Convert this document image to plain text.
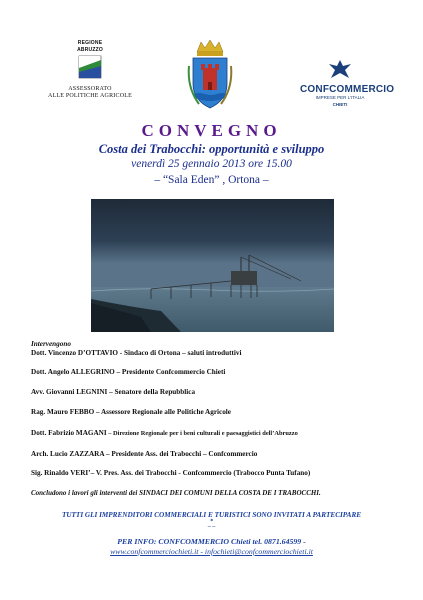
REGIONE
ABRUZZO
ASSESSORATO
ALLE POLITICHE AGRICOLE
CONFCOMMERCIO
IMPRESE PER L'ITALIA
CHIETI
CONVEGNO
Costa dei Trabocchi: opportunità e sviluppo
venerdì 25 gennaio 2013 ore 15.00
– “Sala Eden” , Ortona –
Intervengono
Dott. Vincenzo D’OTTAVIO - Sindaco di Ortona – saluti introduttivi
Dott. Angelo ALLEGRINO – Presidente Confcommercio Chieti
Avv. Giovanni LEGNINI – Senatore della Repubblica
Rag. Mauro FEBBO – Assessore Regionale alle Politiche Agricole
Dott. Fabrizio MAGANI – Direzione Regionale per i beni culturali e paesaggistici dell’Abruzzo
Arch. Lucio ZAZZARA – Presidente Ass. dei Trabocchi – Confcommercio
Sig. Rinaldo VERI’– V. Pres. Ass. dei Trabocchi - Confcommercio (Trabocco Punta Tufano)
Concludono i lavori gli interventi dei SINDACI DEI COMUNI DELLA COSTA DE I TRABOCCHI.
TUTTI GLI IMPRENDITORI COMMERCIALI E TURISTICI SONO INVITATI A PARTECIPARE
*
– –
PER INFO: CONFCOMMERCIO Chieti tel. 0871.64599 -
www.confcommerciochieti.it - infochieti@confcommerciochieti.it
